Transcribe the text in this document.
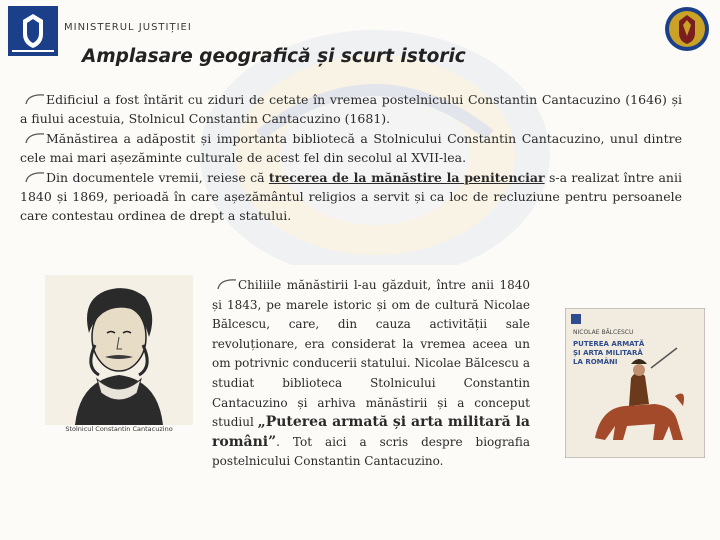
MINISTERUL JUSTIȚIEI
Amplasare geografică și scurt istoric

Edificiul a fost întărit cu ziduri de cetate în vremea postelnicului Constantin Cantacuzino (1646) și a fiului acestuia, Stolnicul Constantin Cantacuzino (1681).

Mănăstirea a adăpostit și importanta bibliotecă a Stolnicului Constantin Cantacuzino, unul dintre cele mai mari așezăminte culturale de acest fel din secolul al XVII-lea.

Din documentele vremii, reiese că trecerea de la mănăstire la penitenciar s-a realizat între anii 1840 și 1869, perioadă în care așezământul religios a servit și ca loc de recluziune pentru persoanele care contestau ordinea de drept a statului.

Stolnicul Constantin Cantacuzino

Chiliile mănăstirii l-au găzduit, între anii 1840 și 1843, pe marele istoric și om de cultură Nicolae Bălcescu, care, din cauza activității sale revoluționare, era considerat la vremea aceea un om potrivnic conducerii statului. Nicolae Bălcescu a studiat biblioteca Stolnicului Constantin Cantacuzino și arhiva mănăstirii și a conceput studiul „Puterea armată și arta militară la români”. Tot aici a scris despre biografia postelnicului Constantin Cantacuzino.

NICOLAE BĂLCESCU
PUTEREA ARMATĂ
ȘI ARTA MILITARĂ
LA ROMÂNI
